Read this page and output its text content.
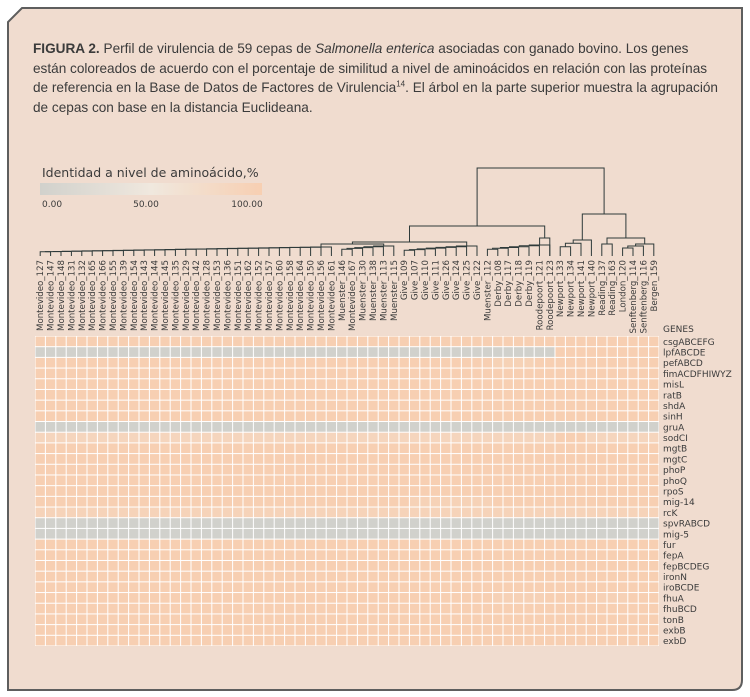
FIGURA 2. Perfil de virulencia de 59 cepas de Salmonella enterica asociadas con ganado bovino. Los genes están coloreados de acuerdo con el porcentaje de similitud a nivel de aminoácidos en relación con las proteínas de referencia en la Base de Datos de Factores de Virulencia$^{14}$. El árbol en la parte superior muestra la agrupación de cepas con base en la distancia Euclideana.
Identidad a nivel de aminoácido,%
0.00	50.00	100.00
Montevideo_127 Montevideo_147 Montevideo_148 Montevideo_131 Montevideo_132 Montevideo_165 Montevideo_166 Montevideo_155 Montevideo_139 Montevideo_154 Montevideo_143 Montevideo_144 Montevideo_145 Montevideo_135 Montevideo_129 Montevideo_142 Montevideo_128 Montevideo_153 Montevideo_136 Montevideo_151 Montevideo_162 Montevideo_152 Montevideo_157 Montevideo_160 Montevideo_158 Montevideo_164 Montevideo_150 Montevideo_156 Montevideo_161 Muenster_146 Montevideo_167 Muenster_130 Muenster_138 Muenster_113 Muenster_115 Give_109 Give_107 Give_110 Give_111 Give_126 Give_124 Give_125 Give_122 Muenster_112 Derby_108 Derby_117 Derby_118 Derby_119 Roodepoort_121 Roodepoort_123 Newport_133 Newport_134 Newport_141 Newport_140 Reading_137 Reading_163 London_120 Senftenberg_114 Senftenberg_116 Bergen_159
GENES
csgABCEFG
lpfABCDE
pefABCD
fimACDFHIWYZ
misL
ratB
shdA
sinH
gruA
sodCI
mgtB
mgtC
phoP
phoQ
rpoS
mig-14
rcK
spvRABCD
mig-5
fur
fepA
fepBCDEG
ironN
iroBCDE
fhuA
fhuBCD
tonB
exbB
exbD
